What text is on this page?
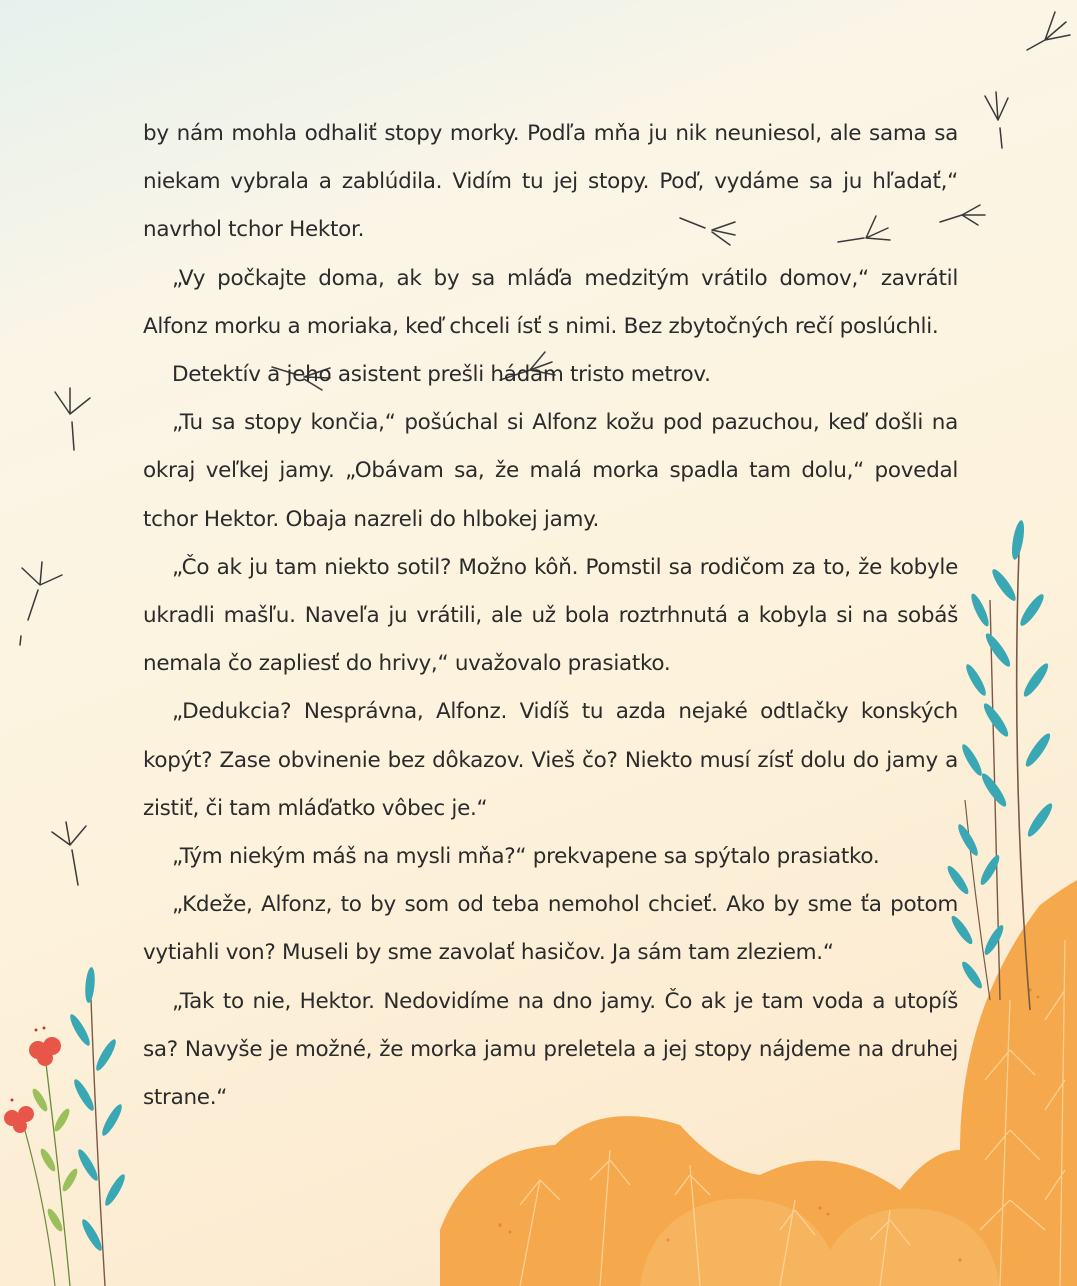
by nám mohla odhaliť stopy morky. Podľa mňa ju nik neuniesol, ale sama sa niekam vybrala a zablúdila. Vidím tu jej stopy. Poď, vydáme sa ju hľadať,“ navrhol tchor Hektor.

„Vy počkajte doma, ak by sa mláďa medzitým vrátilo domov,“ zavrátil Alfonz morku a moriaka, keď chceli ísť s nimi. Bez zbytočných rečí poslúchli.

Detektív a jeho asistent prešli hádam tristo metrov.

„Tu sa stopy končia,“ pošúchal si Alfonz kožu pod pazuchou, keď došli na okraj veľkej jamy. „Obávam sa, že malá morka spadla tam dolu,“ povedal tchor Hektor. Obaja nazreli do hlbokej jamy.

„Čo ak ju tam niekto sotil? Možno kôň. Pomstil sa rodičom za to, že kobyle ukradli mašľu. Naveľa ju vrátili, ale už bola roztrhnutá a kobyla si na sobáš nemala čo zapliesť do hrivy,“ uvažovalo prasiatko.

„Dedukcia? Nesprávna, Alfonz. Vidíš tu azda nejaké odtlačky konských kopýt? Zase obvinenie bez dôkazov. Vieš čo? Niekto musí zísť dolu do jamy a zistiť, či tam mláďatko vôbec je.“

„Tým niekým máš na mysli mňa?“ prekvapene sa spýtalo prasiatko.

„Kdeže, Alfonz, to by som od teba nemohol chcieť. Ako by sme ťa potom vytiahli von? Museli by sme zavolať hasičov. Ja sám tam zleziem.“

„Tak to nie, Hektor. Nedovidíme na dno jamy. Čo ak je tam voda a utopíš sa? Navyše je možné, že morka jamu preletela a jej stopy nájdeme na druhej strane.“
